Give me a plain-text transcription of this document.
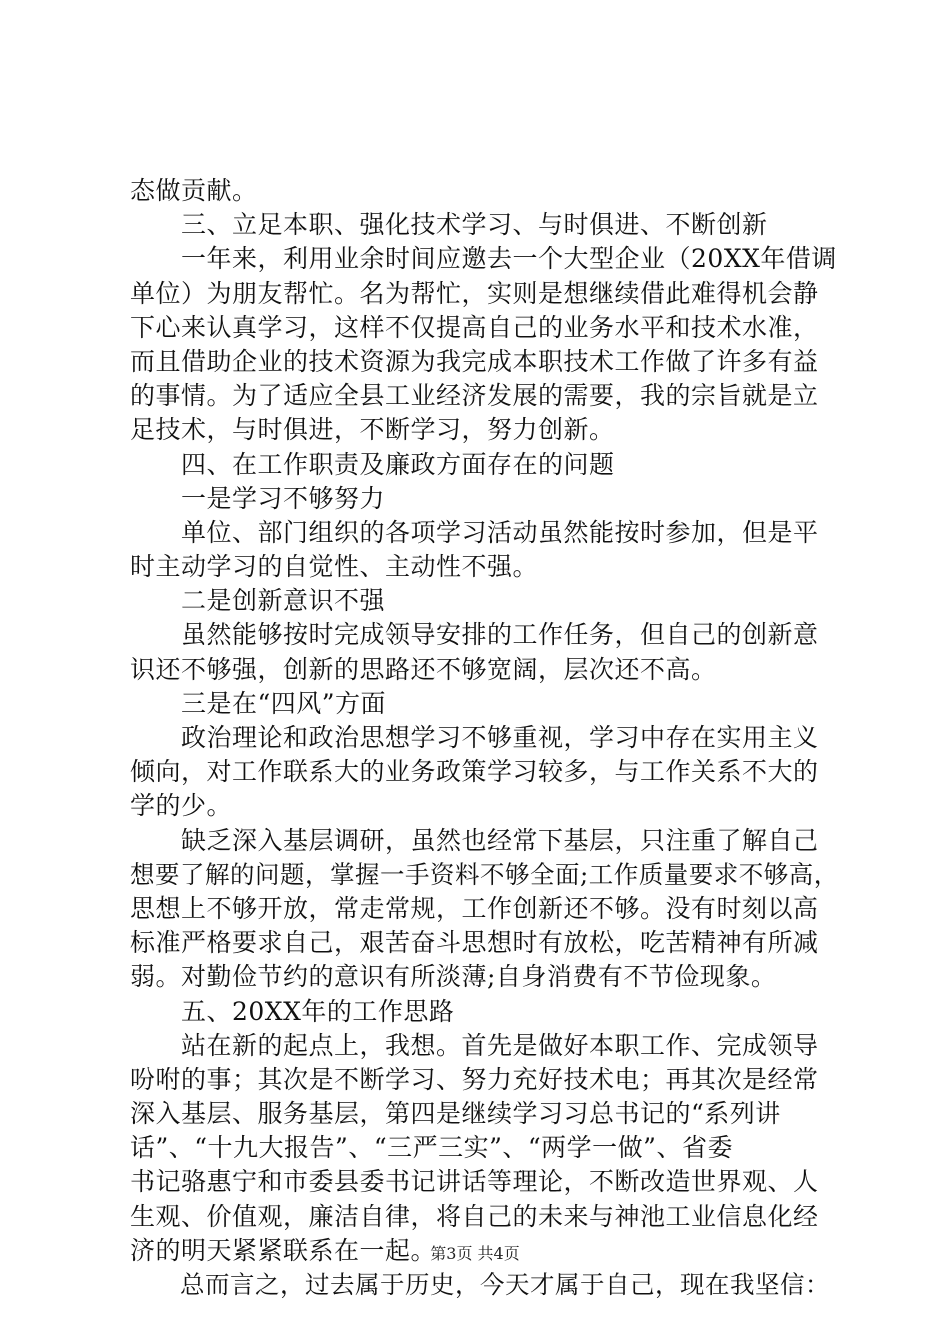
态做贡献。
　　三、立足本职、强化技术学习、与时俱进、不断创新
　　一年来，利用业余时间应邀去一个大型企业（20XX年借调
单位）为朋友帮忙。名为帮忙，实则是想继续借此难得机会静
下心来认真学习，这样不仅提高自己的业务水平和技术水准，
而且借助企业的技术资源为我完成本职技术工作做了许多有益
的事情。为了适应全县工业经济发展的需要，我的宗旨就是立
足技术，与时俱进，不断学习，努力创新。
　　四、在工作职责及廉政方面存在的问题
　　一是学习不够努力
　　单位、部门组织的各项学习活动虽然能按时参加，但是平
时主动学习的自觉性、主动性不强。
　　二是创新意识不强
　　虽然能够按时完成领导安排的工作任务，但自己的创新意
识还不够强，创新的思路还不够宽阔，层次还不高。
　　三是在“四风”方面
　　政治理论和政治思想学习不够重视，学习中存在实用主义
倾向，对工作联系大的业务政策学习较多，与工作关系不大的
学的少。
　　缺乏深入基层调研，虽然也经常下基层，只注重了解自己
想要了解的问题，掌握一手资料不够全面;工作质量要求不够高，
思想上不够开放，常走常规，工作创新还不够。没有时刻以高
标准严格要求自己，艰苦奋斗思想时有放松，吃苦精神有所减
弱。对勤俭节约的意识有所淡薄;自身消费有不节俭现象。
　　五、20XX年的工作思路
　　站在新的起点上，我想。首先是做好本职工作、完成领导
吩咐的事；其次是不断学习、努力充好技术电；再其次是经常
深入基层、服务基层，第四是继续学习习总书记的“系列讲
话”、“十九大报告”、“三严三实”、“两学一做”、省委
书记骆惠宁和市委县委书记讲话等理论，不断改造世界观、人
生观、价值观，廉洁自律，将自己的未来与神池工业信息化经
济的明天紧紧联系在一起。
　　总而言之，过去属于历史，今天才属于自己，现在我坚信：
第3页 共4页
